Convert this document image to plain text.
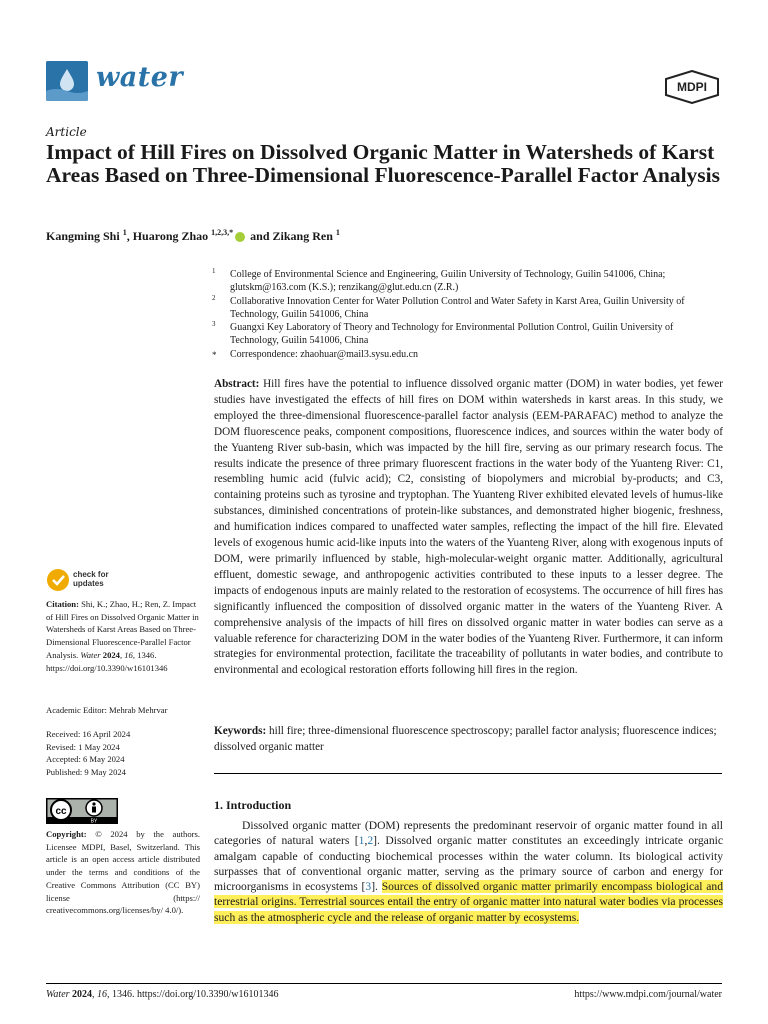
water	MDPI
Article
Impact of Hill Fires on Dissolved Organic Matter in Watersheds of Karst Areas Based on Three-Dimensional Fluorescence-Parallel Factor Analysis
Kangming Shi $^1$, Huarong Zhao $^{1,2,3,*}$ and Zikang Ren $^1$
1	College of Environmental Science and Engineering, Guilin University of Technology, Guilin 541006, China; glutskm@163.com (K.S.); renzikang@glut.edu.cn (Z.R.)
2	Collaborative Innovation Center for Water Pollution Control and Water Safety in Karst Area, Guilin University of Technology, Guilin 541006, China
3	Guangxi Key Laboratory of Theory and Technology for Environmental Pollution Control, Guilin University of Technology, Guilin 541006, China
*	Correspondence: zhaohuar@mail3.sysu.edu.cn
Abstract: Hill fires have the potential to influence dissolved organic matter (DOM) in water bodies, yet fewer studies have investigated the effects of hill fires on DOM within watersheds in karst areas. In this study, we employed the three-dimensional fluorescence-parallel factor analysis (EEM-PARAFAC) method to analyze the DOM fluorescence peaks, component compositions, fluorescence indices, and sources within the water body of the Yuanteng River sub-basin, which was impacted by the hill fire, serving as our primary research focus. The results indicate the presence of three primary fluorescent fractions in the water body of the Yuanteng River: C1, resembling humic acid (fulvic acid); C2, consisting of biopolymers and microbial by-products; and C3, containing proteins such as tyrosine and tryptophan. The Yuanteng River exhibited elevated levels of humus-like substances, diminished concentrations of protein-like substances, and demonstrated higher biogenic, freshness, and humification indices compared to unaffected water samples, reflecting the impact of the hill fire. Elevated levels of exogenous humic acid-like inputs into the waters of the Yuanteng River, along with exogenous inputs of DOM, were primarily influenced by stable, high-molecular-weight organic matter. Additionally, agricultural effluent, domestic sewage, and anthropogenic activities contributed to these inputs to a lesser degree. The impacts of endogenous inputs are mainly related to the restoration of ecosystems. The occurrence of hill fires has significantly influenced the composition of dissolved organic matter in the waters of the Yuanteng River. A comprehensive analysis of the impacts of hill fires on dissolved organic matter in water bodies can serve as a valuable reference for characterizing DOM in the water bodies of the Yuanteng River. Furthermore, it can inform strategies for environmental protection, facilitate the traceability of pollutants in water bodies, and contribute to environmental and ecological restoration efforts following hill fires in the region.
Keywords: hill fire; three-dimensional fluorescence spectroscopy; parallel factor analysis; fluorescence indices; dissolved organic matter
1. Introduction
Dissolved organic matter (DOM) represents the predominant reservoir of organic matter found in all categories of natural waters [1,2]. Dissolved organic matter constitutes an exceedingly intricate organic amalgam capable of conducting biochemical processes within the water column. Its biological activity surpasses that of conventional organic matter, serving as the primary source of carbon and energy for microorganisms in ecosystems [3]. Sources of dissolved organic matter primarily encompass biological and terrestrial origins. Terrestrial sources entail the entry of organic matter into natural water bodies via processes such as the atmospheric cycle and the release of organic matter by ecosystems.
check for
updates
Citation: Shi, K.; Zhao, H.; Ren, Z. Impact of Hill Fires on Dissolved Organic Matter in Watersheds of Karst Areas Based on Three-Dimensional Fluorescence-Parallel Factor Analysis. Water 2024, 16, 1346. https://doi.org/10.3390/w16101346
Academic Editor: Mehrab Mehrvar
Received: 16 April 2024
Revised: 1 May 2024
Accepted: 6 May 2024
Published: 9 May 2024
cc
BY
Copyright: © 2024 by the authors. Licensee MDPI, Basel, Switzerland. This article is an open access article distributed under the terms and conditions of the Creative Commons Attribution (CC BY) license (https:// creativecommons.org/licenses/by/ 4.0/).
Water 2024, 16, 1346. https://doi.org/10.3390/w16101346	https://www.mdpi.com/journal/water
